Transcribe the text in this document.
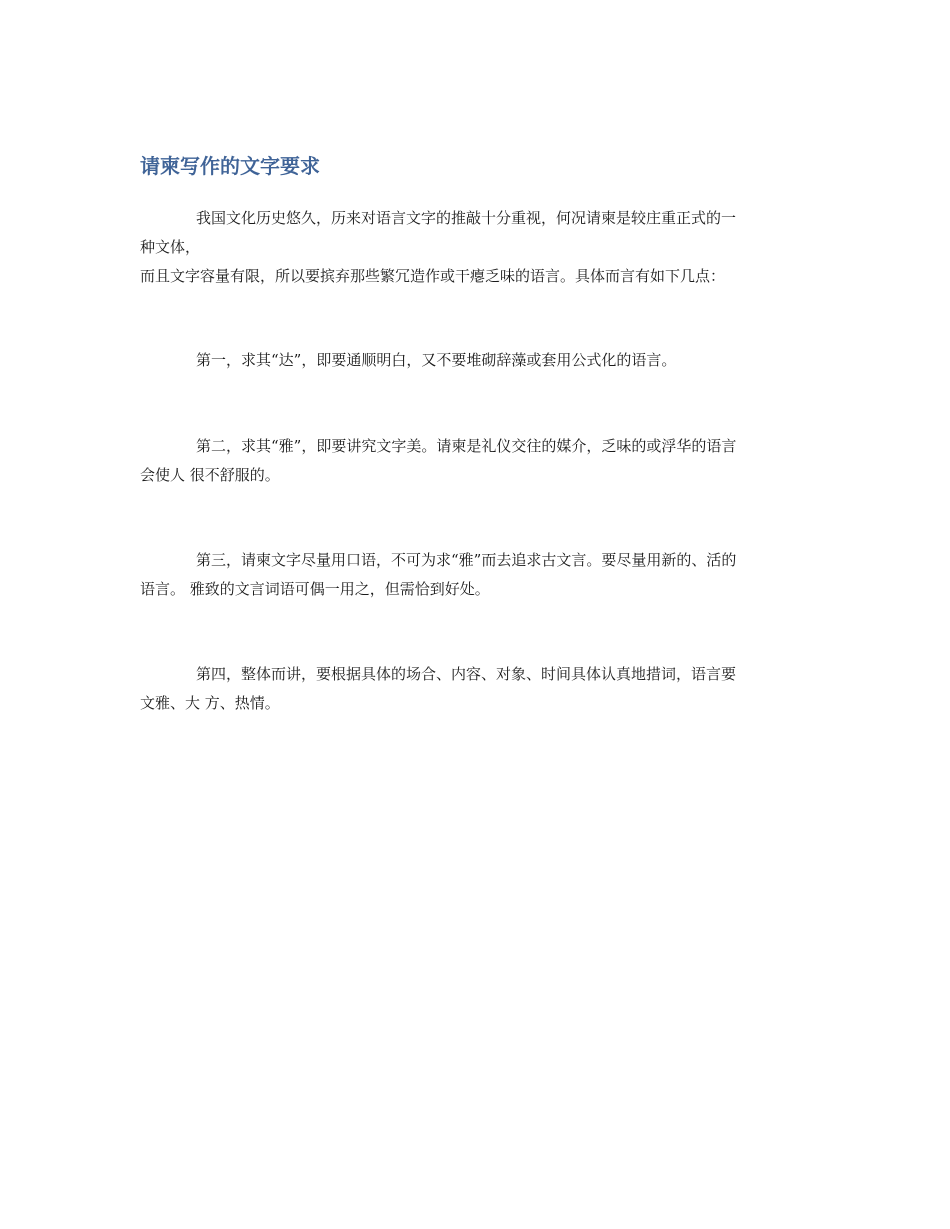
请柬写作的文字要求
我国文化历史悠久，历来对语言文字的推敲十分重视，何况请柬是较庄重正式的一
种文体，
而且文字容量有限，所以要摈弃那些繁冗造作或干瘪乏味的语言。具体而言有如下几点：
第一，求其“达”，即要通顺明白，又不要堆砌辞藻或套用公式化的语言。
第二，求其“雅”，即要讲究文字美。请柬是礼仪交往的媒介，乏味的或浮华的语言
会使人 很不舒服的。
第三，请柬文字尽量用口语，不可为求“雅”而去追求古文言。要尽量用新的、活的
语言。 雅致的文言词语可偶一用之，但需恰到好处。
第四，整体而讲，要根据具体的场合、内容、对象、时间具体认真地措词，语言要
文雅、大 方、热情。
